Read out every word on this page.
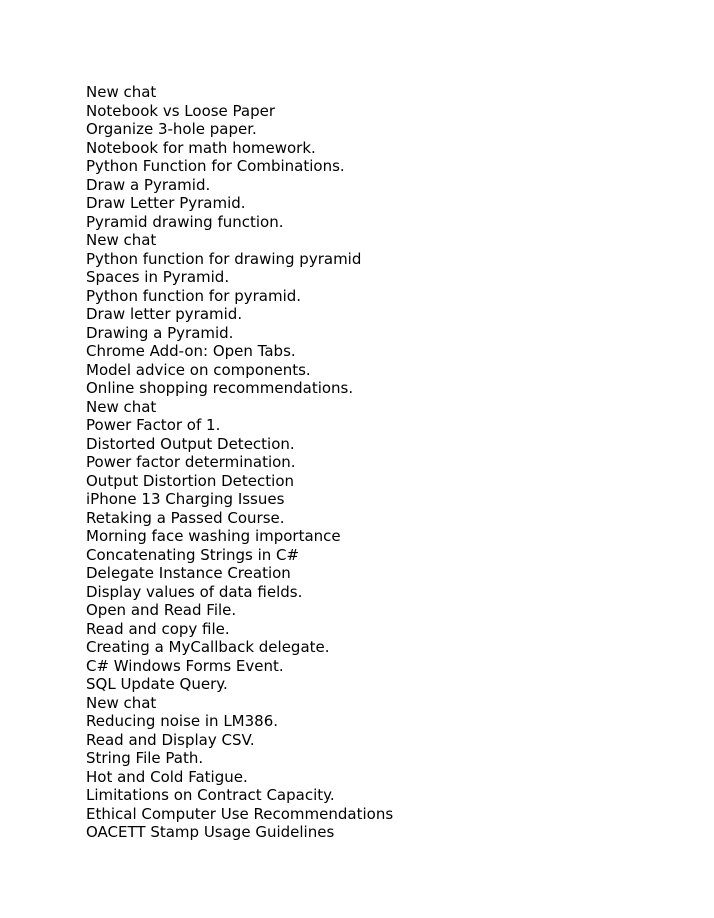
New chat
Notebook vs Loose Paper
Organize 3-hole paper.
Notebook for math homework.
Python Function for Combinations.
Draw a Pyramid.
Draw Letter Pyramid.
Pyramid drawing function.
New chat
Python function for drawing pyramid
Spaces in Pyramid.
Python function for pyramid.
Draw letter pyramid.
Drawing a Pyramid.
Chrome Add-on: Open Tabs.
Model advice on components.
Online shopping recommendations.
New chat
Power Factor of 1.
Distorted Output Detection.
Power factor determination.
Output Distortion Detection
iPhone 13 Charging Issues
Retaking a Passed Course.
Morning face washing importance
Concatenating Strings in C#
Delegate Instance Creation
Display values of data fields.
Open and Read File.
Read and copy file.
Creating a MyCallback delegate.
C# Windows Forms Event.
SQL Update Query.
New chat
Reducing noise in LM386.
Read and Display CSV.
String File Path.
Hot and Cold Fatigue.
Limitations on Contract Capacity.
Ethical Computer Use Recommendations
OACETT Stamp Usage Guidelines
